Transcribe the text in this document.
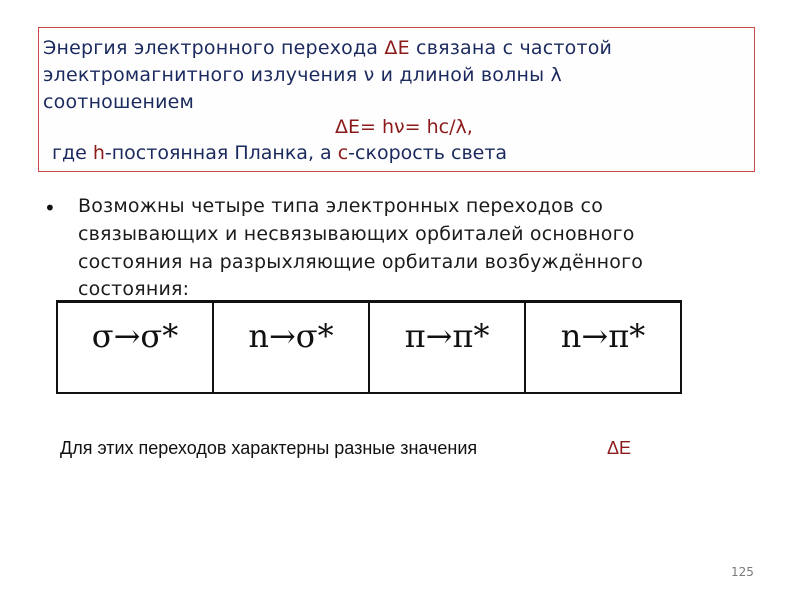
Энергия электронного перехода ΔE связана с частотой
электромагнитного излучения ν и длиной волны λ
соотношением
ΔE= hν= hc/λ,
где h-постоянная Планка, а c-скорость света
• Возможны четыре типа электронных переходов со
связывающих и несвязывающих орбиталей основного
состояния на разрыхляющие орбитали возбуждённого
состояния:
σ→σ*	n→σ*	π→π*	n→π*
Для этих переходов характерны разные значения	ΔE
125
